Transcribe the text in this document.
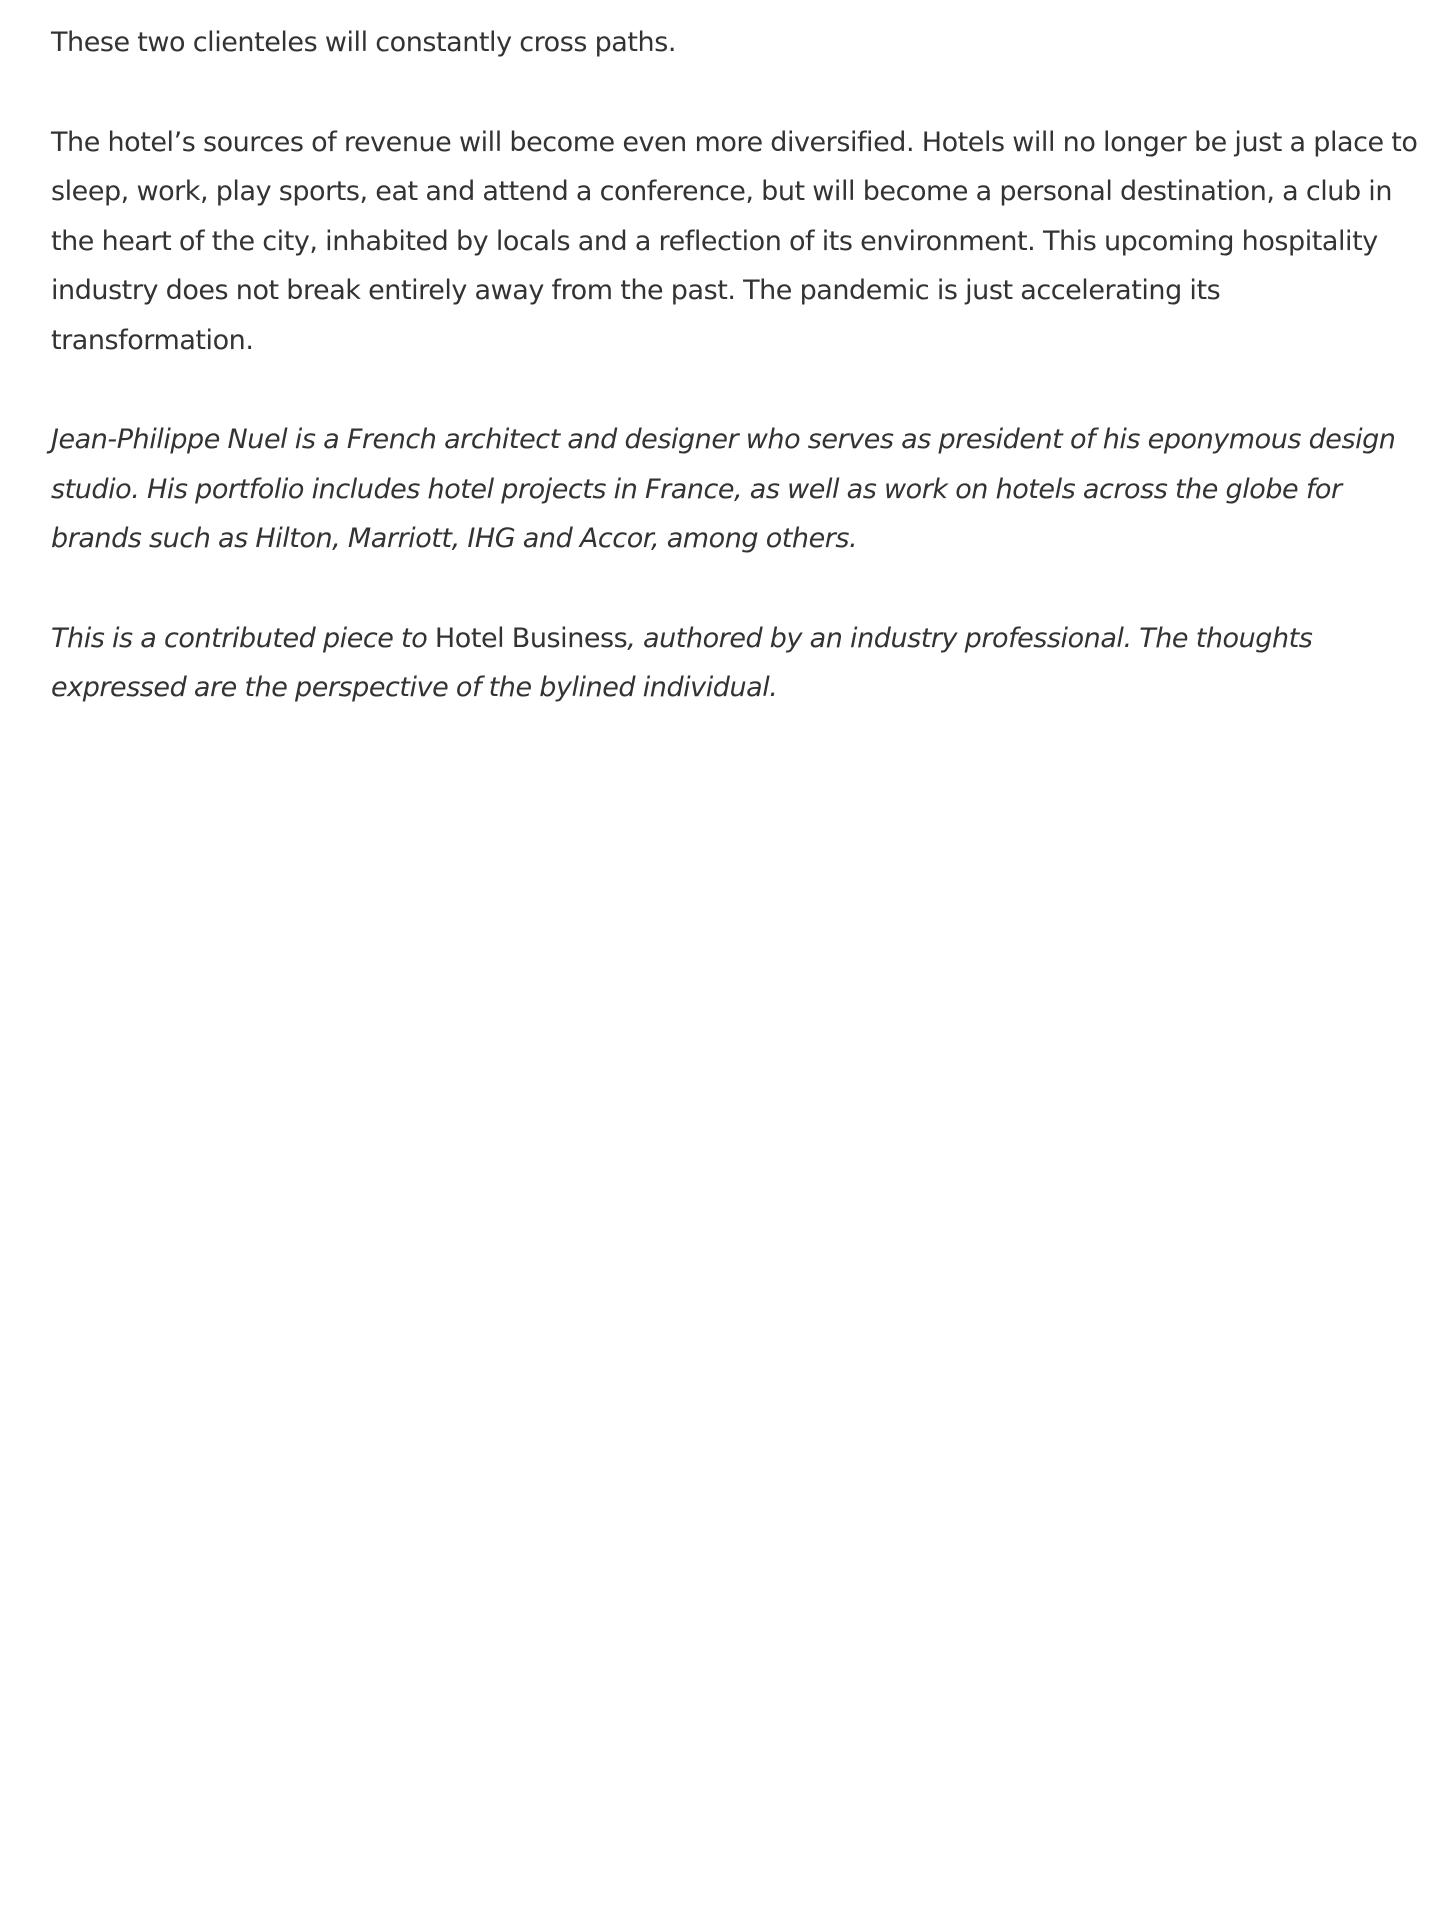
These two clienteles will constantly cross paths.

The hotel’s sources of revenue will become even more diversified. Hotels will no longer be just a place to sleep, work, play sports, eat and attend a conference, but will become a personal destination, a club in the heart of the city, inhabited by locals and a reflection of its environment. This upcoming hospitality industry does not break entirely away from the past. The pandemic is just accelerating its transformation.

Jean-Philippe Nuel is a French architect and designer who serves as president of his eponymous design studio. His portfolio includes hotel projects in France, as well as work on hotels across the globe for brands such as Hilton, Marriott, IHG and Accor, among others.

This is a contributed piece to Hotel Business, authored by an industry professional. The thoughts expressed are the perspective of the bylined individual.
